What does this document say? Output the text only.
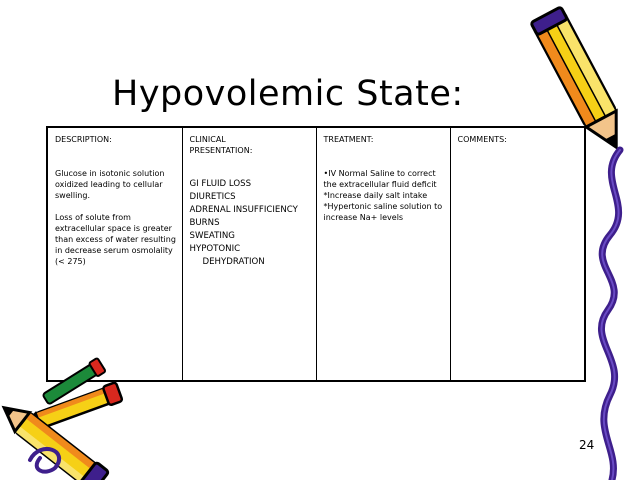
Hypovolemic State:
DESCRIPTION:
Glucose in isotonic solution oxidized leading to cellular swelling.
Loss of solute from extracellular space is greater than excess of water resulting in decrease serum osmolality (< 275)

CLINICAL
PRESENTATION:
GI FLUID LOSS
DIURETICS
ADRENAL INSUFFICIENCY
BURNS
SWEATING
HYPOTONIC
DEHYDRATION

TREATMENT:
•IV Normal Saline to correct the extracellular fluid deficit
*Increase daily salt intake
*Hypertonic saline solution to increase Na+ levels

COMMENTS:
24
